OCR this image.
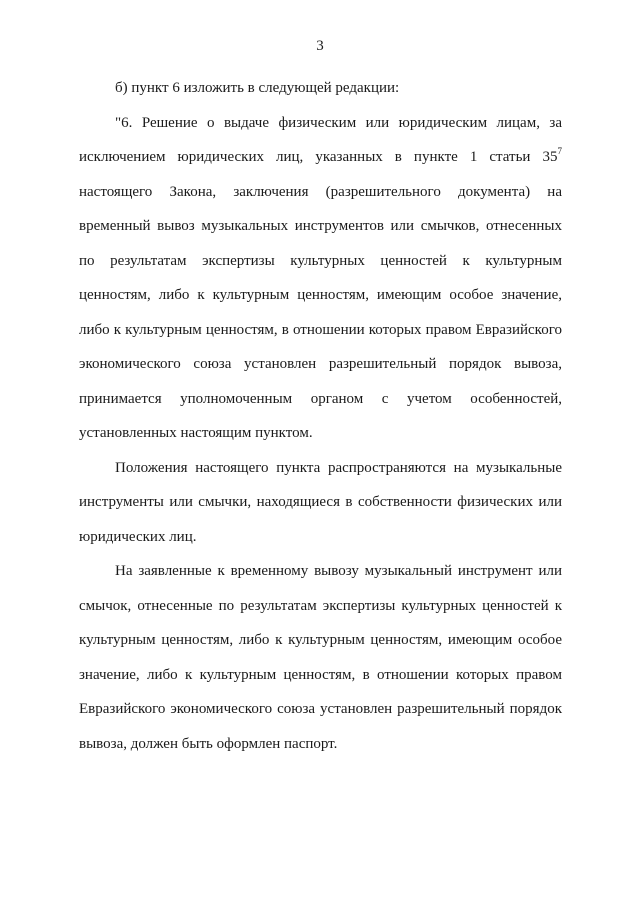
3

б) пункт 6 изложить в следующей редакции:

"6. Решение о выдаче физическим или юридическим лицам, за исключением юридических лиц, указанных в пункте 1 статьи $35^7$ настоящего Закона, заключения (разрешительного документа) на временный вывоз музыкальных инструментов или смычков, отнесенных по результатам экспертизы культурных ценностей к культурным ценностям, либо к культурным ценностям, имеющим особое значение, либо к культурным ценностям, в отношении которых правом Евразийского экономического союза установлен разрешительный порядок вывоза, принимается уполномоченным органом с учетом особенностей, установленных настоящим пунктом.

Положения настоящего пункта распространяются на музыкальные инструменты или смычки, находящиеся в собственности физических или юридических лиц.

На заявленные к временному вывозу музыкальный инструмент или смычок, отнесенные по результатам экспертизы культурных ценностей к культурным ценностям, либо к культурным ценностям, имеющим особое значение, либо к культурным ценностям, в отношении которых правом Евразийского экономического союза установлен разрешительный порядок вывоза, должен быть оформлен паспорт.
